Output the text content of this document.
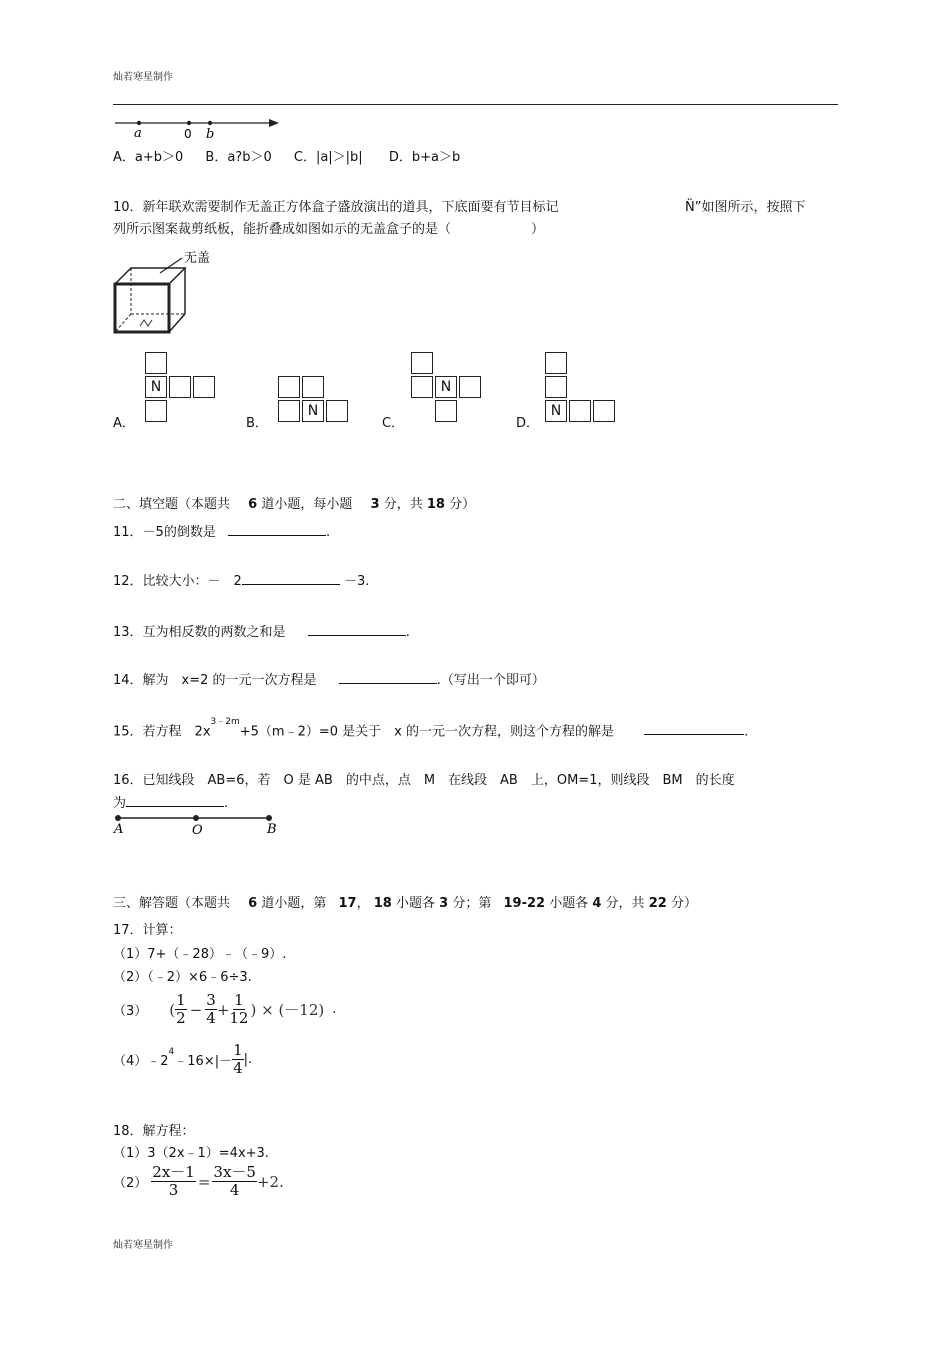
灿若寒星制作
a	0 b
A．a+b＞0 B．a?b＞0 C．|a|＞|b| D．b+a＞b
10．新年联欢需要制作无盖正方体盒子盛放演出的道具，下底面要有节目标记	N̈”如图所示，按照下
列所示图案裁剪纸板，能折叠成如图如示的无盖盒子的是（	）
无盖
A．
N
B．
N
C．
N
D．
N
二、填空题（本题共 6 道小题，每小题 3 分，共 18 分）
11．－5的倒数是	.
12．比较大小：－　2	－3.
13．互为相反数的两数之和是	.
14．解为　x=2 的一元一次方程是	.（写出一个即可）
15．若方程　$2x^{3﹣2m}+5(m﹣2)=0$ 是关于　x 的一元一次方程，则这个方程的解是	.
16．已知线段　AB=6，若　O 是 AB　的中点，点　M　在线段　AB　上，OM=1，则线段　BM　的长度
为	.
A	O	B
三、解答题（本题共 6 道小题，第 17， 18 小题各 3 分；第 19-22 小题各 4 分，共 22 分）
17．计算：
（1）7+（﹣28）﹣（﹣9）.
（2）（﹣2）×6﹣6÷3.
（3） ( $\frac{1}{2} - \frac{3}{4} + \frac{1}{12}$ ) × (－12) .
（4）﹣2
$^4$
﹣16×|－ $\frac{1}{4}$ |.
18．解方程：
（1）3（2x﹣1）=4x+3.
$(2) \frac{2x-1}{3} = \frac{3x-5}{4} +2$.
灿若寒星制作
